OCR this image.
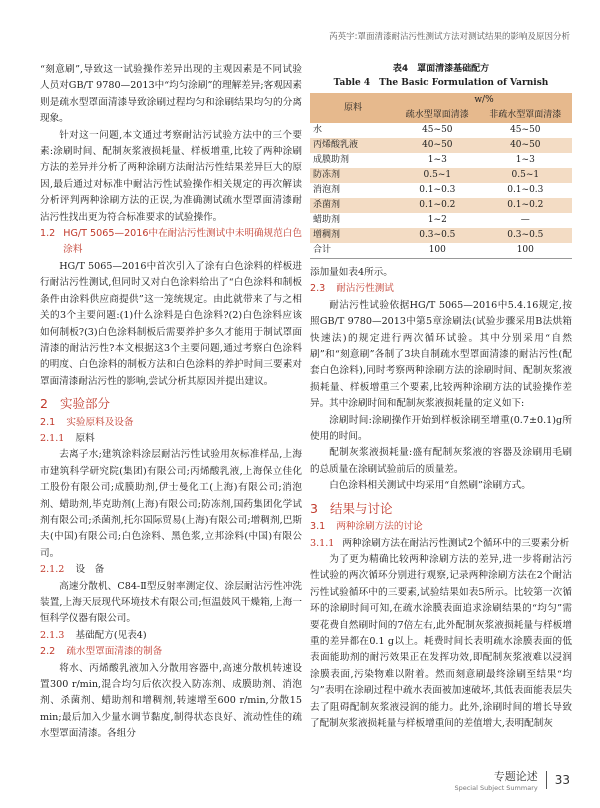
芮英宇:罩面清漆耐沾污性测试方法对测试结果的影响及原因分析

“刻意刷”,导致这一试验操作差异出现的主观因素是不同试验人员对GB/T 9780—2013中“均匀涂刷”的理解差异;客观因素则是疏水型罩面清漆导致涂刷过程均匀和涂刷结果均匀的分离现象。

针对这一问题,本文通过考察耐沾污试验方法中的三个要素:涂刷时间、配制灰浆液损耗量、样板增重,比较了两种涂刷方法的差异并分析了两种涂刷方法耐沾污性结果差异巨大的原因,最后通过对标准中耐沾污性试验操作相关规定的再次解读分析评判两种涂刷方法的正误,为准确测试疏水型罩面清漆耐沾污性找出更为符合标准要求的试验操作。

1.2 HG/T 5065—2016中在耐沾污性测试中未明确规范白色涂料

HG/T 5065—2016中首次引入了涂有白色涂料的样板进行耐沾污性测试,但同时又对白色涂料给出了“白色涂料和制板条件由涂料供应商提供”这一笼统规定。由此就带来了与之相关的3个主要问题:(1)什么涂料是白色涂料?(2)白色涂料应该如何制板?(3)白色涂料制板后需要养护多久才能用于制试罩面清漆的耐沾污性?本文根据这3个主要问题,通过考察白色涂料的明度、白色涂料的制板方法和白色涂料的养护时间三要素对罩面清漆耐沾污性的影响,尝试分析其原因并提出建议。

2 实验部分
2.1 实验原料及设备
2.1.1 原料

去离子水;建筑涂料涂层耐沾污性试验用灰标准样品,上海市建筑科学研究院(集团)有限公司;丙烯酸乳液,上海保立佳化工股份有限公司;成膜助剂,伊士曼化工(上海)有限公司;消泡剂、蜡助剂,毕克助剂(上海)有限公司;防冻剂,国药集团化学试剂有限公司;杀菌剂,托尔国际贸易(上海)有限公司;增稠剂,巴斯夫(中国)有限公司;白色涂料、黑色浆,立邦涂料(中国)有限公司。

2.1.2 设　备

高速分散机、C84-Ⅱ型反射率测定仪、涂层耐沾污性冲洗装置,上海天辰现代环境技术有限公司;恒温鼓风干燥箱,上海一恒科学仪器有限公司。

2.1.3 基础配方(见表4)
2.2 疏水型罩面清漆的制备

将水、丙烯酸乳液加入分散用容器中,高速分散机转速设置300 r/min,混合均匀后依次投入防冻剂、成膜助剂、消泡剂、杀菌剂、蜡助剂和增稠剂,转速增至600 r/min,分散15 min;最后加入少量水调节黏度,制得状态良好、流动性佳的疏水型罩面清漆。各组分

表4　罩面清漆基础配方
Table 4　The Basic Formulation of Varnish
原料	w/%	
	疏水型罩面清漆	非疏水型罩面清漆
水	45~50	45~50
丙烯酸乳液	40~50	40~50
成膜助剂	1~3	1~3
防冻剂	0.5~1	0.5~1
消泡剂	0.1~0.3	0.1~0.3
杀菌剂	0.1~0.2	0.1~0.2
蜡助剂	1~2	—
增稠剂	0.3~0.5	0.3~0.5
合计	100	100

添加量如表4所示。

2.3 耐沾污性测试

耐沾污性试验依据HG/T 5065—2016中5.4.16规定,按照GB/T 9780—2013中第5章涂刷法(试验步骤采用B法烘箱快速法)的规定进行两次循环试验。其中分别采用“自然刷”和“刻意刷”各制了3块自制疏水型罩面清漆的耐沾污性(配套白色涂料),同时考察两种涂刷方法的涂刷时间、配制灰浆液损耗量、样板增重三个要素,比较两种涂刷方法的试验操作差异。其中涂刷时间和配制灰浆液损耗量的定义如下:

涂刷时间:涂刷操作开始到样板涂刷至增重(0.7±0.1)g所使用的时间。

配制灰浆液损耗量:盛有配制灰浆液的容器及涂刷用毛刷的总质量在涂刷试验前后的质量差。

白色涂料相关测试中均采用“自然刷”涂刷方式。

3 结果与讨论
3.1 两种涂刷方法的讨论
3.1.1 两种涂刷方法在耐沾污性测试2个循环中的三要素分析

为了更为精确比较两种涂刷方法的差异,进一步将耐沾污性试验的两次循环分别进行观察,记录两种涂刷方法在2个耐沾污性试验循环中的三要素,试验结果如表5所示。比较第一次循环的涂刷时间可知,在疏水涂膜表面追求涂刷结果的“均匀”需要花费自然刷时间的7倍左右,此外配制灰浆液损耗量与样板增重的差异都在0.1 g以上。耗费时间长表明疏水涂膜表面的低表面能助剂的耐污效果正在发挥功效,即配制灰浆液难以浸润涂膜表面,污染物难以附着。然而刻意刷最终涂刷至结果“均匀”表明在涂刷过程中疏水表面被加速破坏,其低表面能表层失去了阻碍配制灰浆液浸润的能力。此外,涂刷时间的增长导致了配制灰浆液损耗量与样板增重间的差值增大,表明配制灰

专题论述
Special Subject Summary
33
